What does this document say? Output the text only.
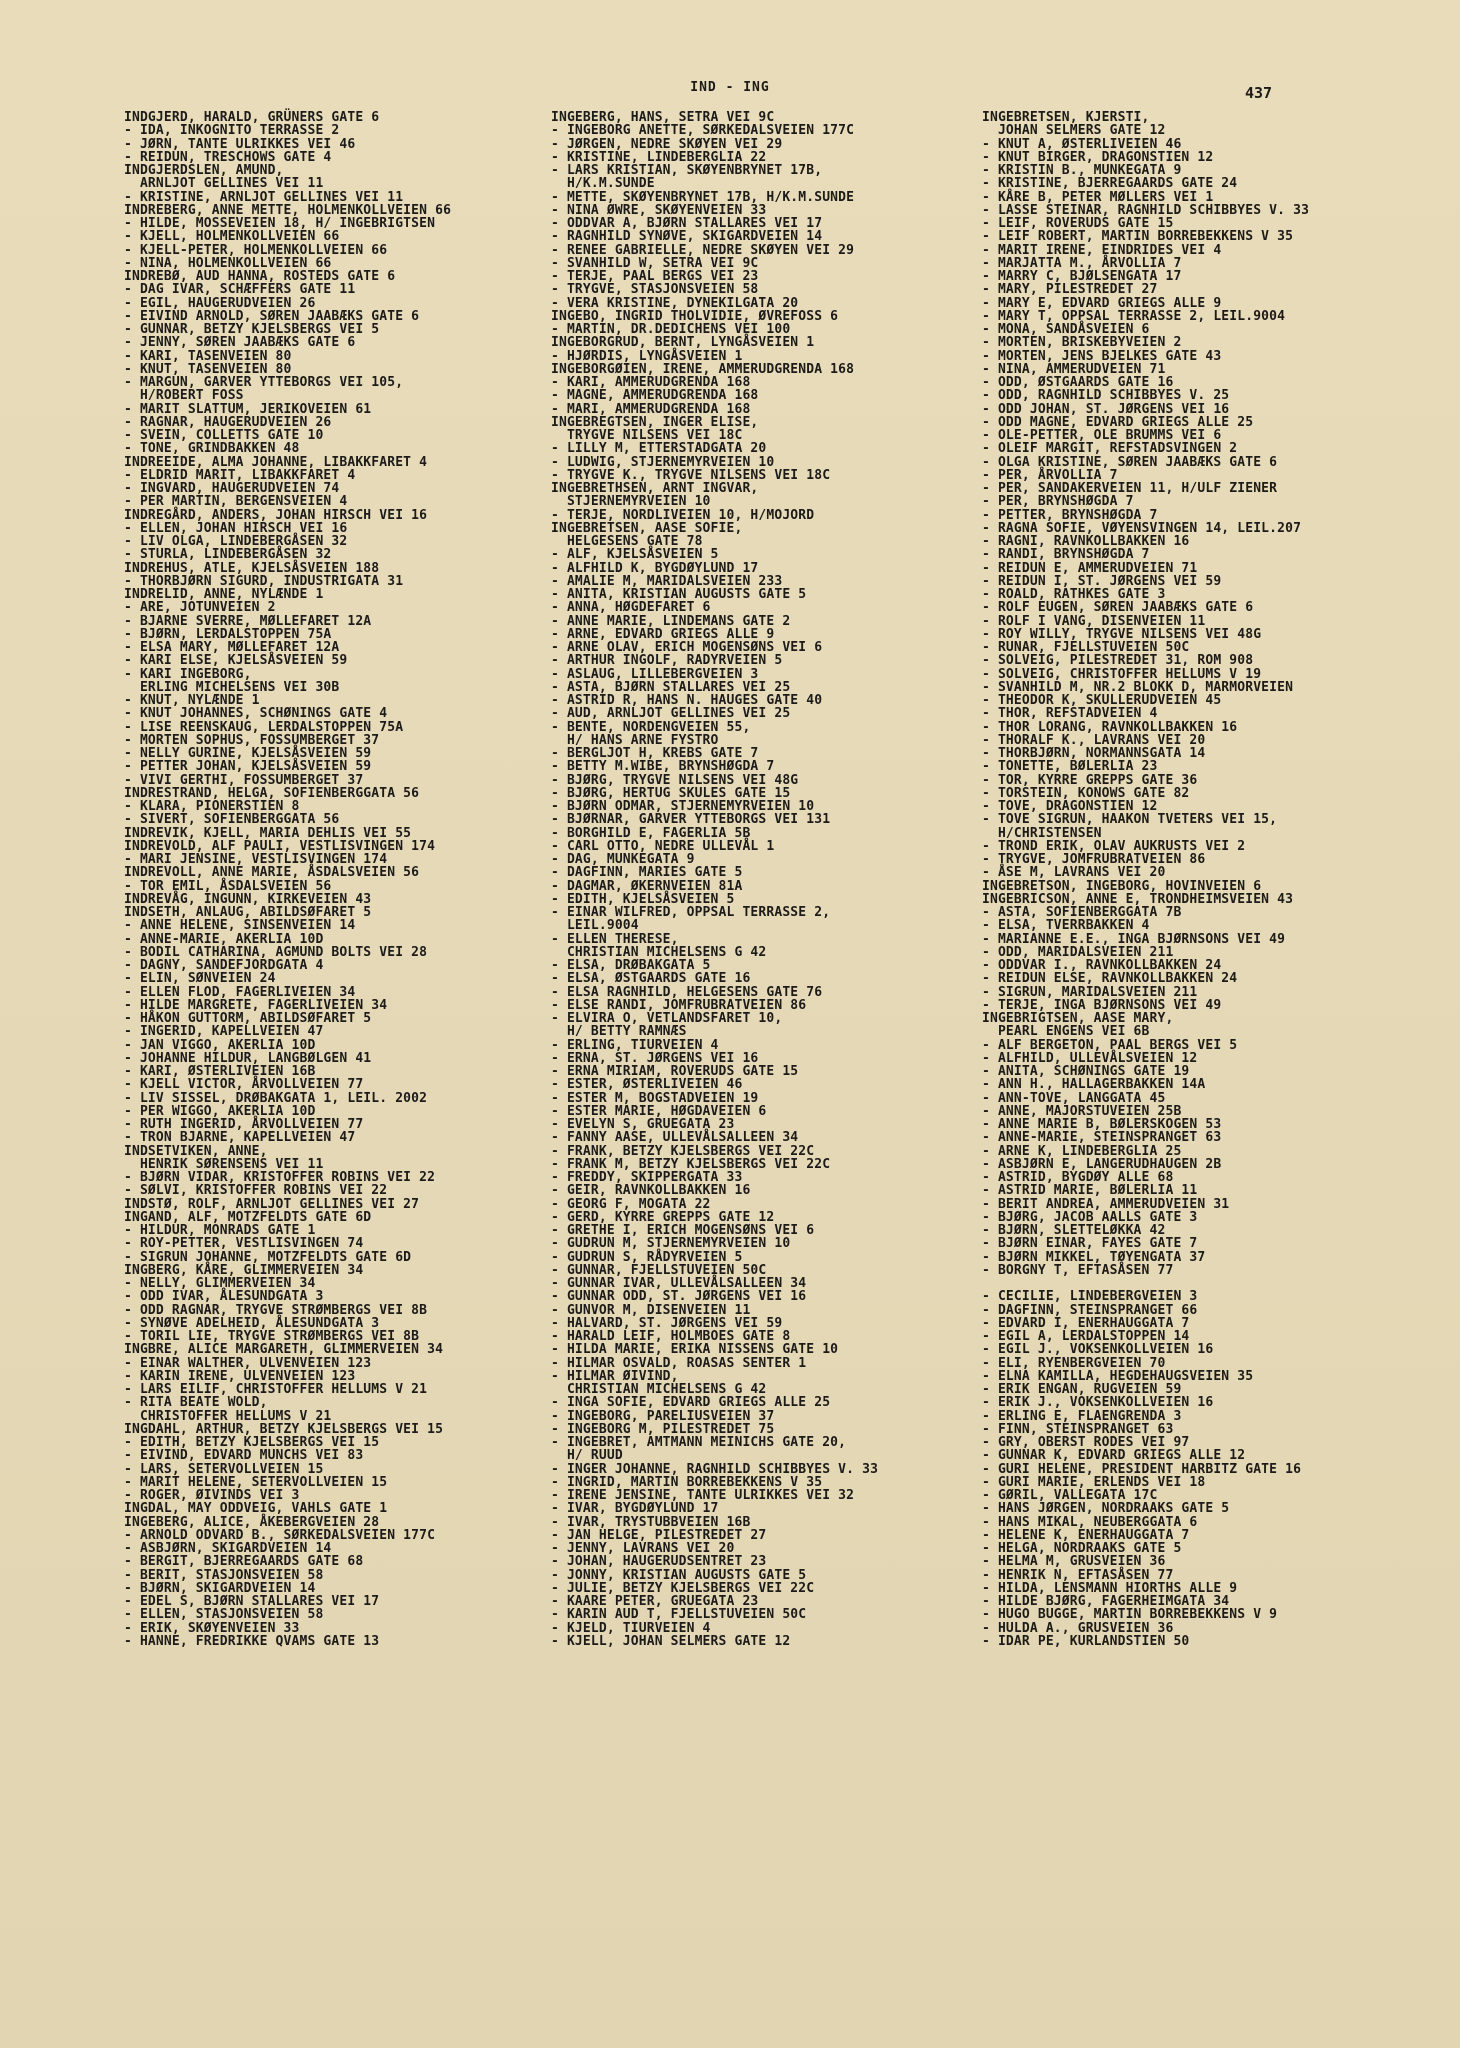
IND - ING	437
INDGJERD, HARALD, GRÜNERS GATE 6
- IDA, INKOGNITO TERRASSE 2
- JØRN, TANTE ULRIKKES VEI 46
- REIDUN, TRESCHOWS GATE 4
INDGJERDSLEN, AMUND,
ARNLJOT GELLINES VEI 11
- KRISTINE, ARNLJOT GELLINES VEI 11
INDREBERG, ANNE METTE, HOLMENKOLLVEIEN 66
- HILDE, MOSSEVEIEN 18, H/ INGEBRIGTSEN
- KJELL, HOLMENKOLLVEIEN 66
- KJELL-PETER, HOLMENKOLLVEIEN 66
- NINA, HOLMENKOLLVEIEN 66
INDREBØ, AUD HANNA, ROSTEDS GATE 6
- DAG IVAR, SCHÆFFERS GATE 11
- EGIL, HAUGERUDVEIEN 26
- EIVIND ARNOLD, SØREN JAABÆKS GATE 6
- GUNNAR, BETZY KJELSBERGS VEI 5
- JENNY, SØREN JAABÆKS GATE 6
- KARI, TASENVEIEN 80
- KNUT, TASENVEIEN 80
- MARGUN, GARVER YTTEBORGS VEI 105,
H/ROBERT FOSS
- MARIT SLATTUM, JERIKOVEIEN 61
- RAGNAR, HAUGERUDVEIEN 26
- SVEIN, COLLETTS GATE 10
- TONE, GRINDBAKKEN 48
INDREEIDE, ALMA JOHANNE, LIBAKKFARET 4
- ELDRID MARIT, LIBAKKFARET 4
- INGVARD, HAUGERUDVEIEN 74
- PER MARTIN, BERGENSVEIEN 4
INDREGÅRD, ANDERS, JOHAN HIRSCH VEI 16
- ELLEN, JOHAN HIRSCH VEI 16
- LIV OLGA, LINDEBERGÅSEN 32
- STURLA, LINDEBERGÅSEN 32
INDREHUS, ATLE, KJELSÅSVEIEN 188
- THORBJØRN SIGURD, INDUSTRIGATA 31
INDRELID, ANNE, NYLÆNDE 1
- ARE, JOTUNVEIEN 2
- BJARNE SVERRE, MØLLEFARET 12A
- BJØRN, LERDALSTOPPEN 75A
- ELSA MARY, MØLLEFARET 12A
- KARI ELSE, KJELSÅSVEIEN 59
- KARI INGEBORG,
ERLING MICHELSENS VEI 30B
- KNUT, NYLÆNDE 1
- KNUT JOHANNES, SCHØNINGS GATE 4
- LISE REENSKAUG, LERDALSTOPPEN 75A
- MORTEN SOPHUS, FOSSUMBERGET 37
- NELLY GURINE, KJELSÅSVEIEN 59
- PETTER JOHAN, KJELSÅSVEIEN 59
- VIVI GERTHI, FOSSUMBERGET 37
INDRESTRAND, HELGA, SOFIENBERGGATA 56
- KLARA, PIONERSTIEN 8
- SIVERT, SOFIENBERGGATA 56
INDREVIK, KJELL, MARIA DEHLIS VEI 55
INDREVOLD, ALF PAULI, VESTLISVINGEN 174
- MARI JENSINE, VESTLISVINGEN 174
INDREVOLL, ANNE MARIE, ÅSDALSVEIEN 56
- TOR EMIL, ÅSDALSVEIEN 56
INDREVÅG, INGUNN, KIRKEVEIEN 43
INDSETH, ANLAUG, ABILDSØFARET 5
- ANNE HELENE, SINSENVEIEN 14
- ANNE-MARIE, AKERLIA 10D
- BODIL CATHARINA, AGMUND BOLTS VEI 28
- DAGNY, SANDEFJORDGATA 4
- ELIN, SØNVEIEN 24
- ELLEN FLOD, FAGERLIVEIEN 34
- HILDE MARGRETE, FAGERLIVEIEN 34
- HÅKON GUTTORM, ABILDSØFARET 5
- INGERID, KAPELLVEIEN 47
- JAN VIGGO, AKERLIA 10D
- JOHANNE HILDUR, LANGBØLGEN 41
- KARI, ØSTERLIVEIEN 16B
- KJELL VICTOR, ÅRVOLLVEIEN 77
- LIV SISSEL, DRØBAKGATA 1, LEIL. 2002
- PER WIGGO, AKERLIA 10D
- RUTH INGERID, ÅRVOLLVEIEN 77
- TRON BJARNE, KAPELLVEIEN 47
INDSETVIKEN, ANNE,
HENRIK SØRENSENS VEI 11
- BJØRN VIDAR, KRISTOFFER ROBINS VEI 22
- SØLVI, KRISTOFFER ROBINS VEI 22
INDSTØ, ROLF, ARNLJOT GELLINES VEI 27
INGAND, ALF, MOTZFELDTS GATE 6D
- HILDUR, MONRADS GATE 1
- ROY-PETTER, VESTLISVINGEN 74
- SIGRUN JOHANNE, MOTZFELDTS GATE 6D
INGBERG, KÅRE, GLIMMERVEIEN 34
- NELLY, GLIMMERVEIEN 34
- ODD IVAR, ÅLESUNDGATA 3
- ODD RAGNAR, TRYGVE STRØMBERGS VEI 8B
- SYNØVE ADELHEID, ÅLESUNDGATA 3
- TORIL LIE, TRYGVE STRØMBERGS VEI 8B
INGBRE, ALICE MARGARETH, GLIMMERVEIEN 34
- EINAR WALTHER, ULVENVEIEN 123
- KARIN IRENE, ULVENVEIEN 123
- LARS EILIF, CHRISTOFFER HELLUMS V 21
- RITA BEATE WOLD,
CHRISTOFFER HELLUMS V 21
INGDAHL, ARTHUR, BETZY KJELSBERGS VEI 15
- EDITH, BETZY KJELSBERGS VEI 15
- EIVIND, EDVARD MUNCHS VEI 83
- LARS, SETERVOLLVEIEN 15
- MARIT HELENE, SETERVOLLVEIEN 15
- ROGER, ØIVINDS VEI 3
INGDAL, MAY ODDVEIG, VAHLS GATE 1
INGEBERG, ALICE, ÅKEBERGVEIEN 28
- ARNOLD ODVARD B., SØRKEDALSVEIEN 177C
- ASBJØRN, SKIGARDVEIEN 14
- BERGIT, BJERREGAARDS GATE 68
- BERIT, STASJONSVEIEN 58
- BJØRN, SKIGARDVEIEN 14
- EDEL S, BJØRN STALLARES VEI 17
- ELLEN, STASJONSVEIEN 58
- ERIK, SKØYENVEIEN 33
- HANNE, FREDRIKKE QVAMS GATE 13
INGEBERG, HANS, SETRA VEI 9C
- INGEBORG ANETTE, SØRKEDALSVEIEN 177C
- JØRGEN, NEDRE SKØYEN VEI 29
- KRISTINE, LINDEBERGLIA 22
- LARS KRISTIAN, SKØYENBRYNET 17B,
H/K.M.SUNDE
- METTE, SKØYENBRYNET 17B, H/K.M.SUNDE
- NINA ØWRE, SKØYENVEIEN 33
- ODDVAR A, BJØRN STALLARES VEI 17
- RAGNHILD SYNØVE, SKIGARDVEIEN 14
- RENEE GABRIELLE, NEDRE SKØYEN VEI 29
- SVANHILD W, SETRA VEI 9C
- TERJE, PAAL BERGS VEI 23
- TRYGVE, STASJONSVEIEN 58
- VERA KRISTINE, DYNEKILGATA 20
INGEBO, INGRID THOLVIDIE, ØVREFOSS 6
- MARTIN, DR.DEDICHENS VEI 100
INGEBORGRUD, BERNT, LYNGÅSVEIEN 1
- HJØRDIS, LYNGÅSVEIEN 1
INGEBORGØIEN, IRENE, AMMERUDGRENDA 168
- KARI, AMMERUDGRENDA 168
- MAGNE, AMMERUDGRENDA 168
- MARI, AMMERUDGRENDA 168
INGEBREGTSEN, INGER ELISE,
TRYGVE NILSENS VEI 18C
- LILLY M, ETTERSTADGATA 20
- LUDWIG, STJERNEMYRVEIEN 10
- TRYGVE K., TRYGVE NILSENS VEI 18C
INGEBRETHSEN, ARNT INGVAR,
STJERNEMYRVEIEN 10
- TERJE, NORDLIVEIEN 10, H/MOJORD
INGEBRETSEN, AASE SOFIE,
HELGESENS GATE 78
- ALF, KJELSÅSVEIEN 5
- ALFHILD K, BYGDØYLUND 17
- AMALIE M, MARIDALSVEIEN 233
- ANITA, KRISTIAN AUGUSTS GATE 5
- ANNA, HØGDEFARET 6
- ANNE MARIE, LINDEMANS GATE 2
- ARNE, EDVARD GRIEGS ALLE 9
- ARNE OLAV, ERICH MOGENSØNS VEI 6
- ARTHUR INGOLF, RADYRVEIEN 5
- ASLAUG, LILLEBERGVEIEN 3
- ASTA, BJØRN STALLARES VEI 25
- ASTRID R, HANS N. HAUGES GATE 40
- AUD, ARNLJOT GELLINES VEI 25
- BENTE, NORDENGVEIEN 55,
H/ HANS ARNE FYSTRO
- BERGLJOT H, KREBS GATE 7
- BETTY M.WIBE, BRYNSHØGDA 7
- BJØRG, TRYGVE NILSENS VEI 48G
- BJØRG, HERTUG SKULES GATE 15
- BJØRN ODMAR, STJERNEMYRVEIEN 10
- BJØRNAR, GARVER YTTEBORGS VEI 131
- BORGHILD E, FAGERLIA 5B
- CARL OTTO, NEDRE ULLEVÅL 1
- DAG, MUNKEGATA 9
- DAGFINN, MARIES GATE 5
- DAGMAR, ØKERNVEIEN 81A
- EDITH, KJELSÅSVEIEN 5
- EINAR WILFRED, OPPSAL TERRASSE 2,
LEIL.9004
- ELLEN THERESE,
CHRISTIAN MICHELSENS G 42
- ELSA, DRØBAKGATA 5
- ELSA, ØSTGAARDS GATE 16
- ELSA RAGNHILD, HELGESENS GATE 76
- ELSE RANDI, JOMFRUBRATVEIEN 86
- ELVIRA O, VETLANDSFARET 10,
H/ BETTY RAMNÆS
- ERLING, TIURVEIEN 4
- ERNA, ST. JØRGENS VEI 16
- ERNA MIRIAM, ROVERUDS GATE 15
- ESTER, ØSTERLIVEIEN 46
- ESTER M, BOGSTADVEIEN 19
- ESTER MARIE, HØGDAVEIEN 6
- EVELYN S, GRUEGATA 23
- FANNY AASE, ULLEVÅLSALLEEN 34
- FRANK, BETZY KJELSBERGS VEI 22C
- FRANK M, BETZY KJELSBERGS VEI 22C
- FREDDY, SKIPPERGATA 33
- GEIR, RAVNKOLLBAKKEN 16
- GEORG F, MOGATA 22
- GERD, KYRRE GREPPS GATE 12
- GRETHE I, ERICH MOGENSØNS VEI 6
- GUDRUN M, STJERNEMYRVEIEN 10
- GUDRUN S, RÅDYRVEIEN 5
- GUNNAR, FJELLSTUVEIEN 50C
- GUNNAR IVAR, ULLEVÅLSALLEEN 34
- GUNNAR ODD, ST. JØRGENS VEI 16
- GUNVOR M, DISENVEIEN 11
- HALVARD, ST. JØRGENS VEI 59
- HARALD LEIF, HOLMBOES GATE 8
- HILDA MARIE, ERIKA NISSENS GATE 10
- HILMAR OSVALD, ROASAS SENTER 1
- HILMAR ØIVIND,
CHRISTIAN MICHELSENS G 42
- INGA SOFIE, EDVARD GRIEGS ALLE 25
- INGEBORG, PARELIUSVEIEN 37
- INGEBORG M, PILESTREDET 75
- INGEBRET, AMTMANN MEINICHS GATE 20,
H/ RUUD
- INGER JOHANNE, RAGNHILD SCHIBBYES V. 33
- INGRID, MARTIN BORREBEKKENS V 35
- IRENE JENSINE, TANTE ULRIKKES VEI 32
- IVAR, BYGDØYLUND 17
- IVAR, TRYSTUBBVEIEN 16B
- JAN HELGE, PILESTREDET 27
- JENNY, LAVRANS VEI 20
- JOHAN, HAUGERUDSENTRET 23
- JONNY, KRISTIAN AUGUSTS GATE 5
- JULIE, BETZY KJELSBERGS VEI 22C
- KAARE PETER, GRUEGATA 23
- KARIN AUD T, FJELLSTUVEIEN 50C
- KJELD, TIURVEIEN 4
- KJELL, JOHAN SELMERS GATE 12
INGEBRETSEN, KJERSTI,
JOHAN SELMERS GATE 12
- KNUT A, ØSTERLIVEIEN 46
- KNUT BIRGER, DRAGONSTIEN 12
- KRISTIN B., MUNKEGATA 9
- KRISTINE, BJERREGAARDS GATE 24
- KÅRE B, PETER MØLLERS VEI 1
- LASSE STEINAR, RAGNHILD SCHIBBYES V. 33
- LEIF, ROVERUDS GATE 15
- LEIF ROBERT, MARTIN BORREBEKKENS V 35
- MARIT IRENE, EINDRIDES VEI 4
- MARJATTA M., ÅRVOLLIA 7
- MARRY C, BJØLSENGATA 17
- MARY, PILESTREDET 27
- MARY E, EDVARD GRIEGS ALLE 9
- MARY T, OPPSAL TERRASSE 2, LEIL.9004
- MONA, SANDÅSVEIEN 6
- MORTEN, BRISKEBYVEIEN 2
- MORTEN, JENS BJELKES GATE 43
- NINA, AMMERUDVEIEN 71
- ODD, ØSTGAARDS GATE 16
- ODD, RAGNHILD SCHIBBYES V. 25
- ODD JOHAN, ST. JØRGENS VEI 16
- ODD MAGNE, EDVARD GRIEGS ALLE 25
- OLE-PETTER, OLE BRUMMS VEI 6
- OLEIF MARGIT, REFSTADSVINGEN 2
- OLGA KRISTINE, SØREN JAABÆKS GATE 6
- PER, ÅRVOLLIA 7
- PER, SANDAKERVEIEN 11, H/ULF ZIENER
- PER, BRYNSHØGDA 7
- PETTER, BRYNSHØGDA 7
- RAGNA SOFIE, VØYENSVINGEN 14, LEIL.207
- RAGNI, RAVNKOLLBAKKEN 16
- RANDI, BRYNSHØGDA 7
- REIDUN E, AMMERUDVEIEN 71
- REIDUN I, ST. JØRGENS VEI 59
- ROALD, RATHKES GATE 3
- ROLF EUGEN, SØREN JAABÆKS GATE 6
- ROLF I VANG, DISENVEIEN 11
- ROY WILLY, TRYGVE NILSENS VEI 48G
- RUNAR, FJELLSTUVEIEN 50C
- SOLVEIG, PILESTREDET 31, ROM 908
- SOLVEIG, CHRISTOFFER HELLUMS V 19
- SVANHILD M, NR.2 BLOKK D, MARMORVEIEN
- THEODOR K, SKULLERUDVEIEN 45
- THOR, REFSTADVEIEN 4
- THOR LORANG, RAVNKOLLBAKKEN 16
- THORALF K., LAVRANS VEI 20
- THORBJØRN, NORMANNSGATA 14
- TONETTE, BØLERLIA 23
- TOR, KYRRE GREPPS GATE 36
- TORSTEIN, KONOWS GATE 82
- TOVE, DRAGONSTIEN 12
- TOVE SIGRUN, HAAKON TVETERS VEI 15,
H/CHRISTENSEN
- TROND ERIK, OLAV AUKRUSTS VEI 2
- TRYGVE, JOMFRUBRATVEIEN 86
- ÅSE M, LAVRANS VEI 20
INGEBRETSON, INGEBORG, HOVINVEIEN 6
INGEBRICSON, ANNE E, TRONDHEIMSVEIEN 43
- ASTA, SOFIENBERGGATA 7B
- ELSA, TVERRBAKKEN 4
- MARIANNE E.E., INGA BJØRNSONS VEI 49
- ODD, MARIDALSVEIEN 211
- ODDVAR I., RAVNKOLLBAKKEN 24
- REIDUN ELSE, RAVNKOLLBAKKEN 24
- SIGRUN, MARIDALSVEIEN 211
- TERJE, INGA BJØRNSONS VEI 49
INGEBRIGTSEN, AASE MARY,
PEARL ENGENS VEI 6B
- ALF BERGETON, PAAL BERGS VEI 5
- ALFHILD, ULLEVÅLSVEIEN 12
- ANITA, SCHØNINGS GATE 19
- ANN H., HALLAGERBAKKEN 14A
- ANN-TOVE, LANGGATA 45
- ANNE, MAJORSTUVEIEN 25B
- ANNE MARIE B, BØLERSKOGEN 53
- ANNE-MARIE, STEINSPRANGET 63
- ARNE K, LINDEBERGLIA 25
- ASBJØRN E, LANGERUDHAUGEN 2B
- ASTRID, BYGDØY ALLE 68
- ASTRID MARIE, BØLERLIA 11
- BERIT ANDREA, AMMERUDVEIEN 31
- BJØRG, JACOB AALLS GATE 3
- BJØRN, SLETTELØKKA 42
- BJØRN EINAR, FAYES GATE 7
- BJØRN MIKKEL, TØYENGATA 37
- BORGNY T, EFTASÅSEN 77
- CECILIE, LINDEBERGVEIEN 3
- DAGFINN, STEINSPRANGET 66
- EDVARD I, ENERHAUGGATA 7
- EGIL A, LERDALSTOPPEN 14
- EGIL J., VOKSENKOLLVEIEN 16
- ELI, RYENBERGVEIEN 70
- ELNA KAMILLA, HEGDEHAUGSVEIEN 35
- ERIK ENGAN, RUGVEIEN 59
- ERIK J., VOKSENKOLLVEIEN 16
- ERLING E, FLAENGRENDA 3
- FINN, STEINSPRANGET 63
- GRY, OBERST RODES VEI 97
- GUNNAR K, EDVARD GRIEGS ALLE 12
- GURI HELENE, PRESIDENT HARBITZ GATE 16
- GURI MARIE, ERLENDS VEI 18
- GØRIL, VALLEGATA 17C
- HANS JØRGEN, NORDRAAKS GATE 5
- HANS MIKAL, NEUBERGGATA 6
- HELENE K, ENERHAUGGATA 7
- HELGA, NORDRAAKS GATE 5
- HELMA M, GRUSVEIEN 36
- HENRIK N, EFTASÅSEN 77
- HILDA, LENSMANN HIORTHS ALLE 9
- HILDE BJØRG, FAGERHEIMGATA 34
- HUGO BUGGE, MARTIN BORREBEKKENS V 9
- HULDA A., GRUSVEIEN 36
- IDAR PE, KURLANDSTIEN 50
